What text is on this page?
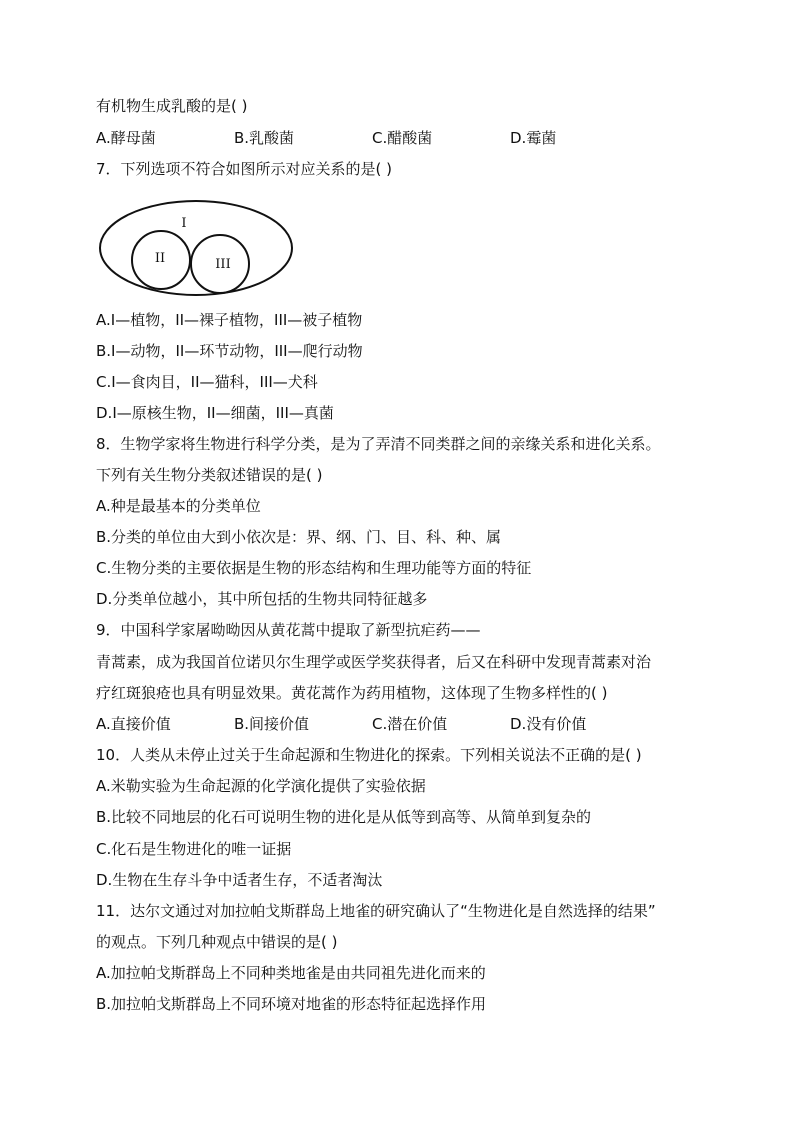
有机物生成乳酸的是( )
A.酵母菌	B.乳酸菌	C.醋酸菌	D.霉菌
7．下列选项不符合如图所示对应关系的是( )
I
II	III
A.I—植物，II—裸子植物，III—被子植物
B.I—动物，II—环节动物，III—爬行动物
C.I—食肉目，II—猫科，III—犬科
D.I—原核生物，II—细菌，III—真菌
8．生物学家将生物进行科学分类，是为了弄清不同类群之间的亲缘关系和进化关系。
下列有关生物分类叙述错误的是( )
A.种是最基本的分类单位
B.分类的单位由大到小依次是：界、纲、门、目、科、种、属
C.生物分类的主要依据是生物的形态结构和生理功能等方面的特征
D.分类单位越小，其中所包括的生物共同特征越多
9．中国科学家屠呦呦因从黄花蒿中提取了新型抗疟药——
青蒿素，成为我国首位诺贝尔生理学或医学奖获得者，后又在科研中发现青蒿素对治
疗红斑狼疮也具有明显效果。黄花蒿作为药用植物，这体现了生物多样性的( )
A.直接价值	B.间接价值	C.潜在价值	D.没有价值
10．人类从未停止过关于生命起源和生物进化的探索。下列相关说法不正确的是( )
A.米勒实验为生命起源的化学演化提供了实验依据
B.比较不同地层的化石可说明生物的进化是从低等到高等、从简单到复杂的
C.化石是生物进化的唯一证据
D.生物在生存斗争中适者生存，不适者淘汰
11．达尔文通过对加拉帕戈斯群岛上地雀的研究确认了“生物进化是自然选择的结果”
的观点。下列几种观点中错误的是( )
A.加拉帕戈斯群岛上不同种类地雀是由共同祖先进化而来的
B.加拉帕戈斯群岛上不同环境对地雀的形态特征起选择作用
